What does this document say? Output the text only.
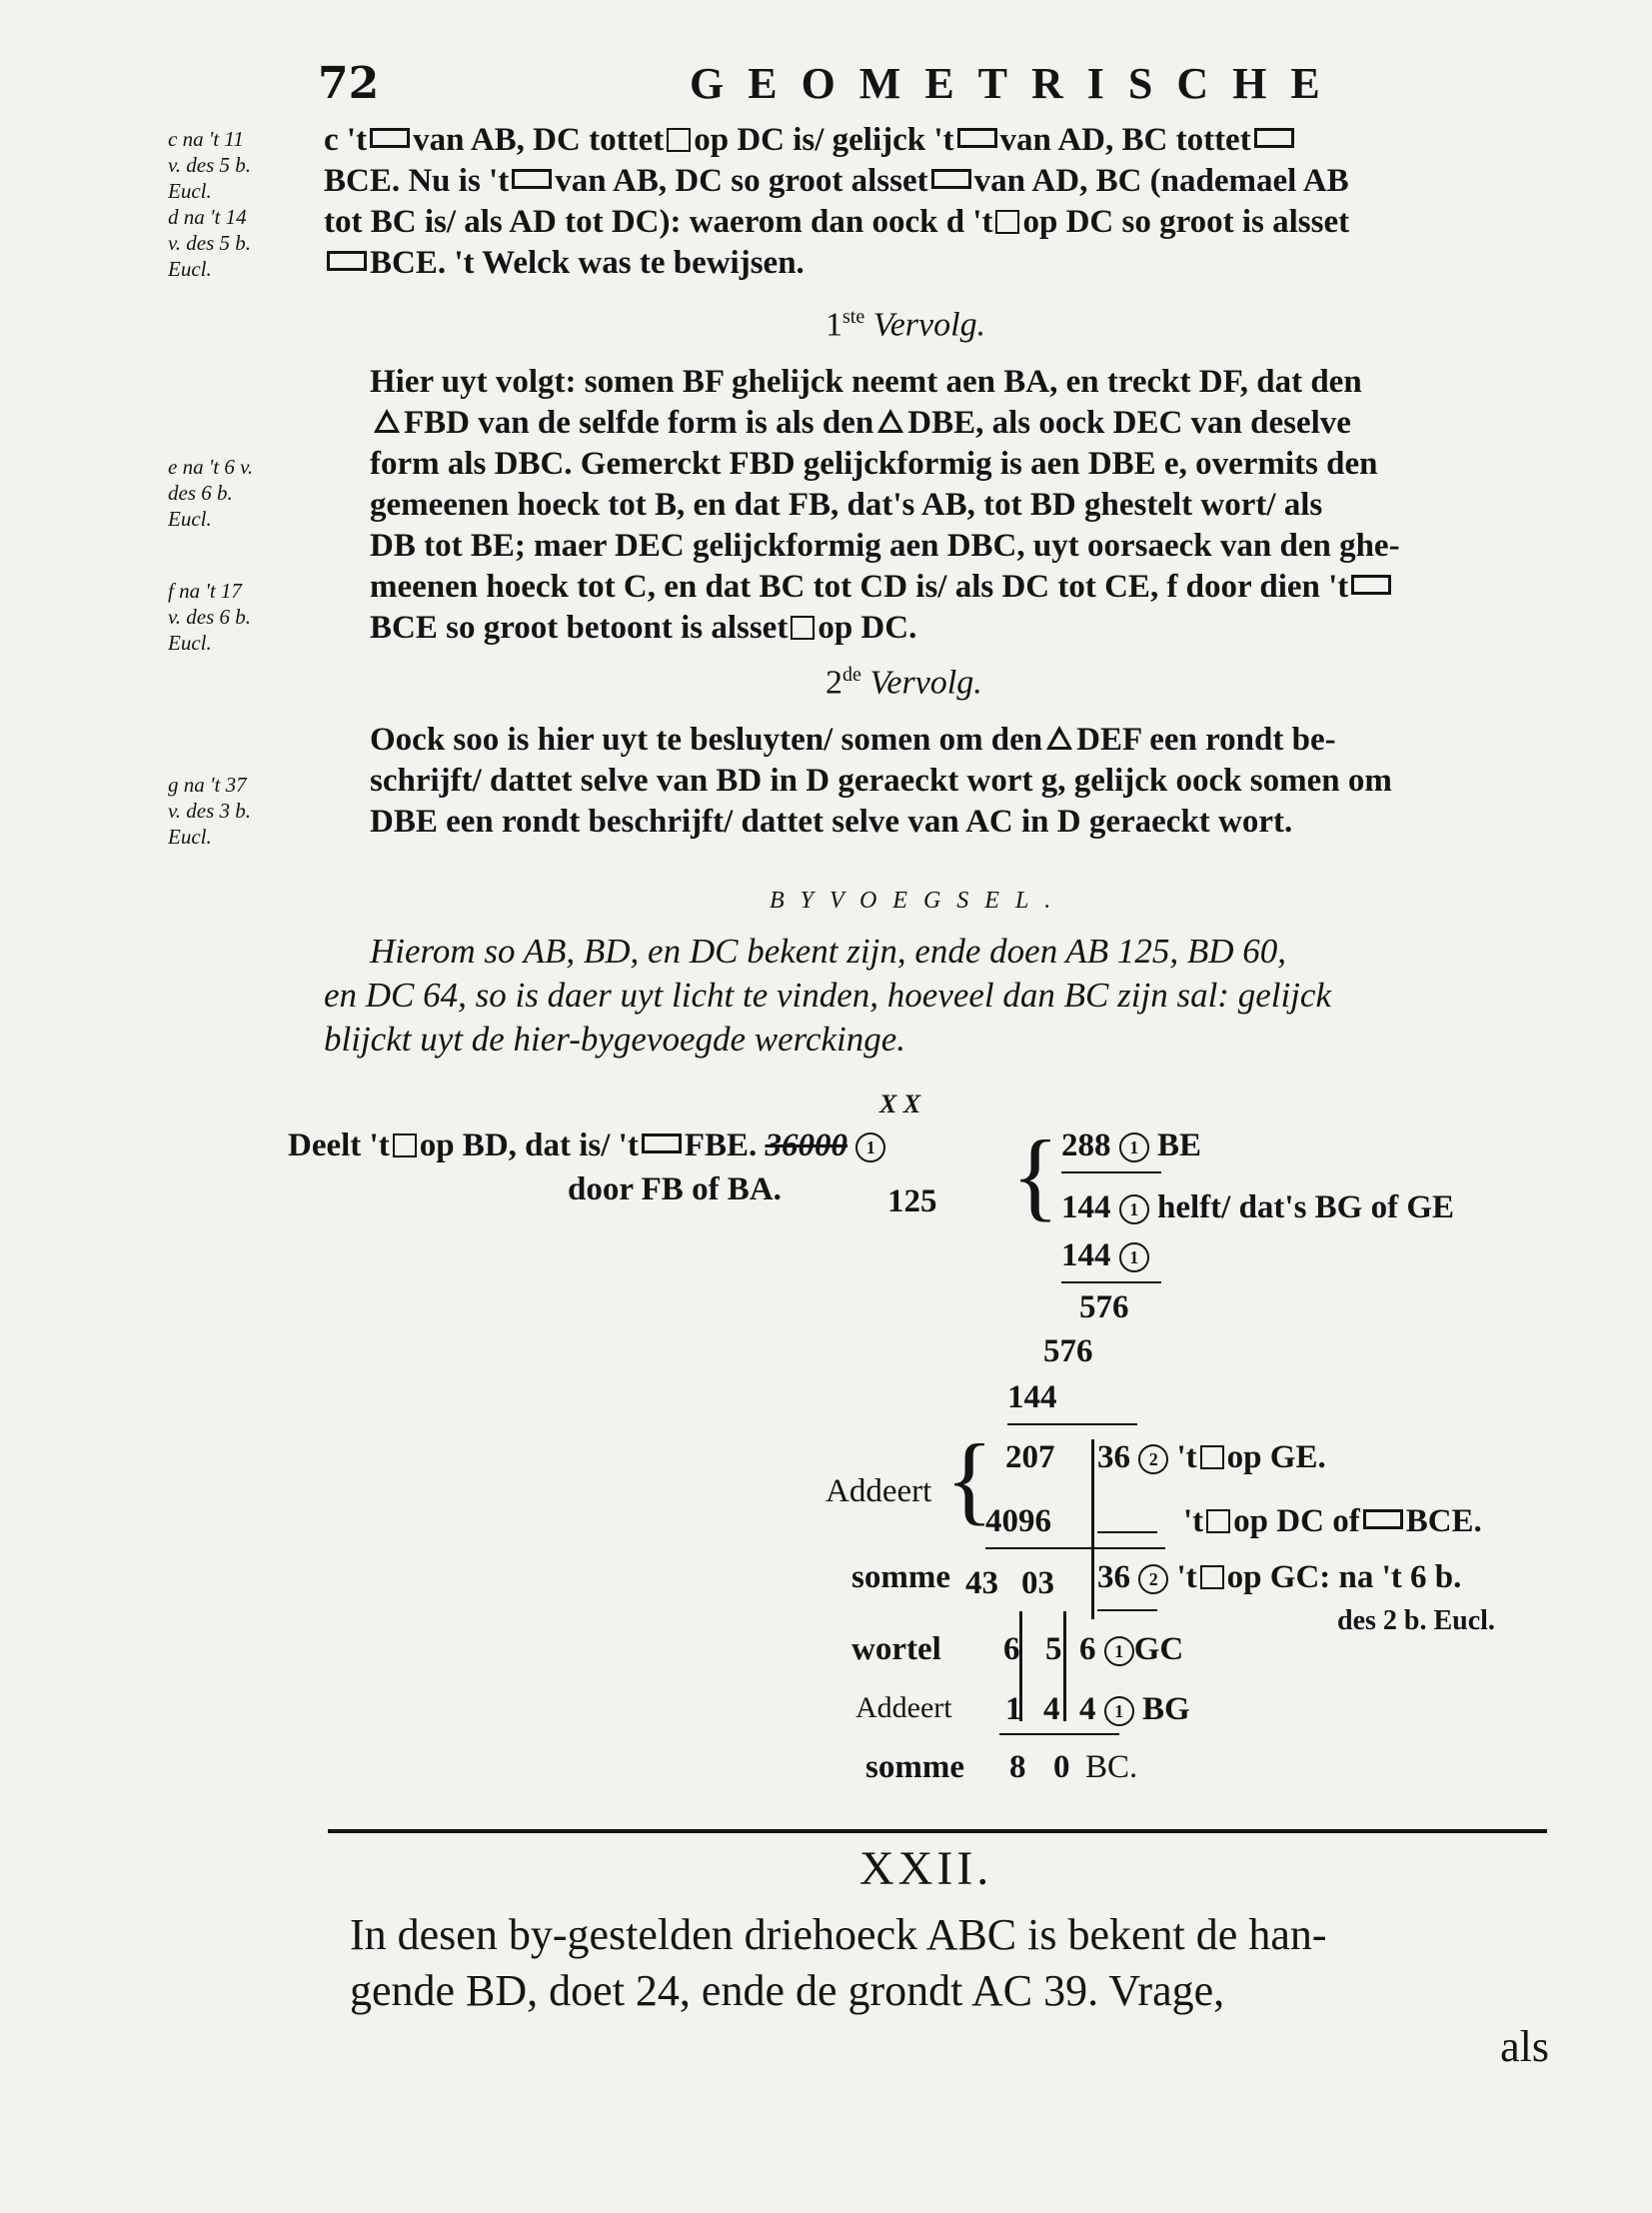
72	GEOMETRISCHE
c na 't 11
v. des 5 b.
Eucl.
d na 't 14
v. des 5 b.
Eucl.
e na 't 6 v.
des 6 b.
Eucl.
f na 't 17
v. des 6 b.
Eucl.
g na 't 37
v. des 3 b.
Eucl.
c 't van AB, DC tottet op DC is/ gelijck 't van AD, BC tottet
BCE. Nu is 't van AB, DC so groot alsset van AD, BC (nademael AB
tot BC is/ als AD tot DC): waerom dan oock d 't op DC so groot is alsset
BCE. 't Welck was te bewijsen.
1ste Vervolg.
Hier uyt volgt: somen BF ghelijck neemt aen BA, en treckt DF, dat den
FBD van de selfde form is als den DBE, als oock DEC van deselve
form als DBC. Gemerckt FBD gelijckformig is aen DBE e, overmits den
gemeenen hoeck tot B, en dat FB, dat's AB, tot BD ghestelt wort/ als
DB tot BE; maer DEC gelijckformig aen DBC, uyt oorsaeck van den ghe-
meenen hoeck tot C, en dat BC tot CD is/ als DC tot CE, f door dien 't
BCE so groot betoont is alsset op DC.
2de Vervolg.
Oock soo is hier uyt te besluyten/ somen om den DEF een rondt be-
schrijft/ dattet selve van BD in D geraeckt wort g, gelijck oock somen om
DBE een rondt beschrijft/ dattet selve van AC in D geraeckt wort.
BYVOEGSEL.
Hierom so AB, BD, en DC bekent zijn, ende doen AB 125, BD 60,
en DC 64, so is daer uyt licht te vinden, hoeveel dan BC zijn sal: gelijck
blijckt uyt de hier-bygevoegde werckinge.
X X
Deelt 't op BD, dat is/ 't FBE. 36000 1
door FB of BA.	125 { 288 1 BE
144 1 helft/ dat's BG of GE
144 1
576
576
144
Addeert { 207 36 2 't op GE.
4096	't op DC of BCE.
somme 43 03 36 2 't op GC: na 't 6 b.
des 2 b. Eucl.
wortel 6 5 6 1 GC
Addeert 1 4 4 1 BG
somme 8 0 BC.
XXII.
In desen by-gestelden driehoeck ABC is bekent de han-
gende BD, doet 24, ende de grondt AC 39. Vrage,
als
